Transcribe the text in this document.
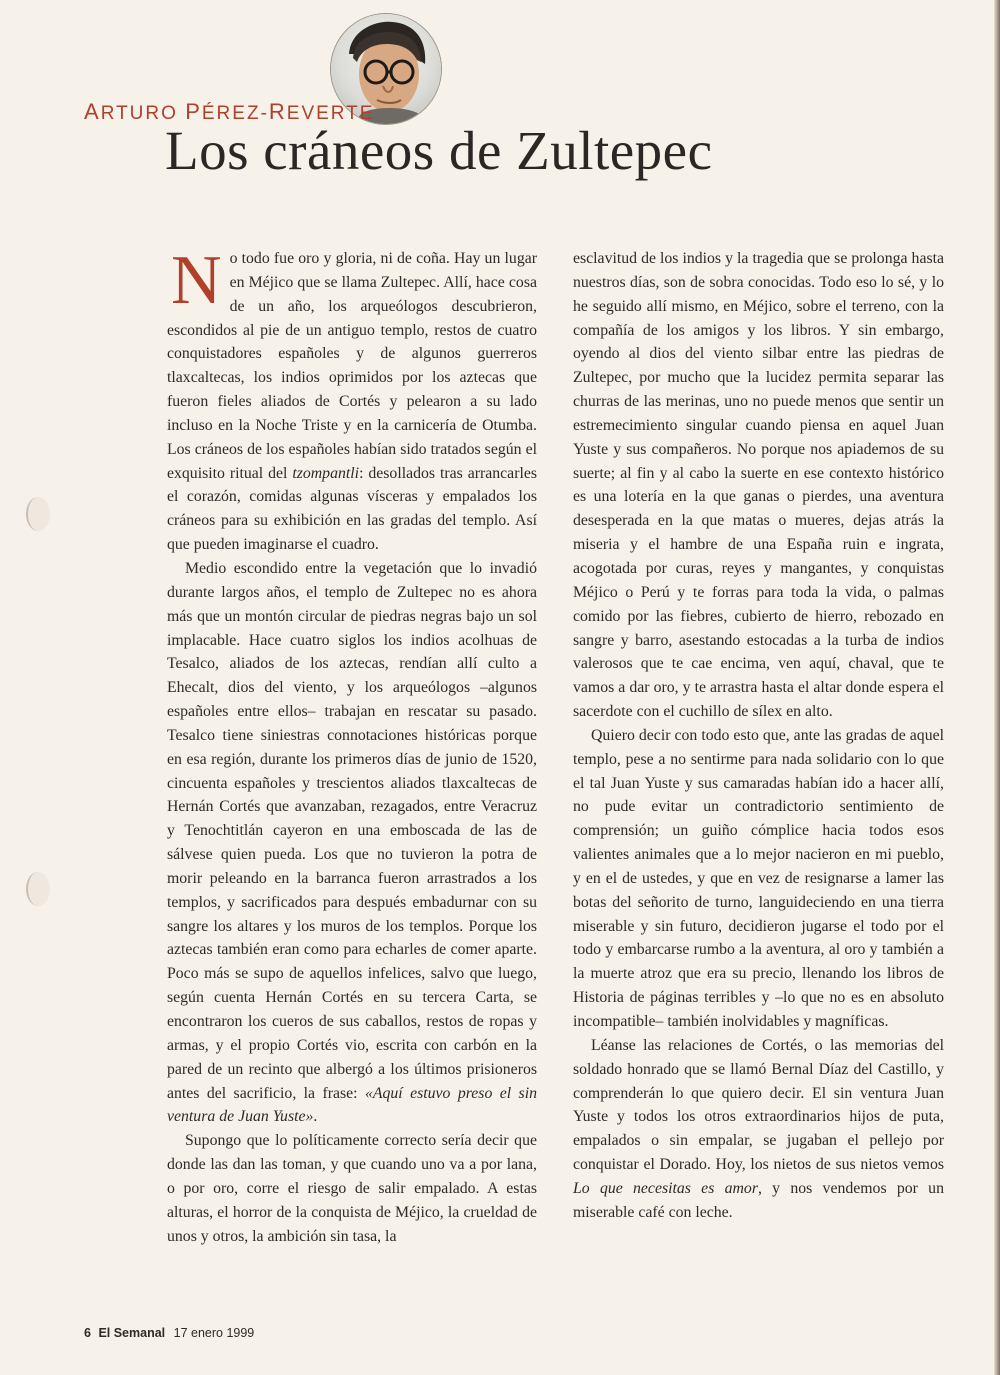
ARTURO PÉREZ-REVERTE
Los cráneos de Zultepec

No todo fue oro y gloria, ni de coña. Hay un lugar en Méjico que se llama Zultepec. Allí, hace cosa de un año, los arqueólogos descubrieron, escondidos al pie de un antiguo templo, restos de cuatro conquistadores españoles y de algunos guerreros tlaxcaltecas, los indios oprimidos por los aztecas que fueron fieles aliados de Cortés y pelearon a su lado incluso en la Noche Triste y en la carnicería de Otumba. Los cráneos de los españoles habían sido tratados según el exquisito ritual del tzompantli: desollados tras arrancarles el corazón, comidas algunas vísceras y empalados los cráneos para su exhibición en las gradas del templo. Así que pueden imaginarse el cuadro.

Medio escondido entre la vegetación que lo invadió durante largos años, el templo de Zultepec no es ahora más que un montón circular de piedras negras bajo un sol implacable. Hace cuatro siglos los indios acolhuas de Tesalco, aliados de los aztecas, rendían allí culto a Ehecalt, dios del viento, y los arqueólogos –algunos españoles entre ellos– trabajan en rescatar su pasado. Tesalco tiene siniestras connotaciones históricas porque en esa región, durante los primeros días de junio de 1520, cincuenta españoles y trescientos aliados tlaxcaltecas de Hernán Cortés que avanzaban, rezagados, entre Veracruz y Tenochtitlán cayeron en una emboscada de las de sálvese quien pueda. Los que no tuvieron la potra de morir peleando en la barranca fueron arrastrados a los templos, y sacrificados para después embadurnar con su sangre los altares y los muros de los templos. Porque los aztecas también eran como para echarles de comer aparte. Poco más se supo de aquellos infelices, salvo que luego, según cuenta Hernán Cortés en su tercera Carta, se encontraron los cueros de sus caballos, restos de ropas y armas, y el propio Cortés vio, escrita con carbón en la pared de un recinto que albergó a los últimos prisioneros antes del sacrificio, la frase: «Aquí estuvo preso el sin ventura de Juan Yuste».

Supongo que lo políticamente correcto sería decir que donde las dan las toman, y que cuando uno va a por lana, o por oro, corre el riesgo de salir empalado. A estas alturas, el horror de la conquista de Méjico, la crueldad de unos y otros, la ambición sin tasa, la

esclavitud de los indios y la tragedia que se prolonga hasta nuestros días, son de sobra conocidas. Todo eso lo sé, y lo he seguido allí mismo, en Méjico, sobre el terreno, con la compañía de los amigos y los libros. Y sin embargo, oyendo al dios del viento silbar entre las piedras de Zultepec, por mucho que la lucidez permita separar las churras de las merinas, uno no puede menos que sentir un estremecimiento singular cuando piensa en aquel Juan Yuste y sus compañeros. No porque nos apiademos de su suerte; al fin y al cabo la suerte en ese contexto histórico es una lotería en la que ganas o pierdes, una aventura desesperada en la que matas o mueres, dejas atrás la miseria y el hambre de una España ruin e ingrata, acogotada por curas, reyes y mangantes, y conquistas Méjico o Perú y te forras para toda la vida, o palmas comido por las fiebres, cubierto de hierro, rebozado en sangre y barro, asestando estocadas a la turba de indios valerosos que te cae encima, ven aquí, chaval, que te vamos a dar oro, y te arrastra hasta el altar donde espera el sacerdote con el cuchillo de sílex en alto.

Quiero decir con todo esto que, ante las gradas de aquel templo, pese a no sentirme para nada solidario con lo que el tal Juan Yuste y sus camaradas habían ido a hacer allí, no pude evitar un contradictorio sentimiento de comprensión; un guiño cómplice hacia todos esos valientes animales que a lo mejor nacieron en mi pueblo, y en el de ustedes, y que en vez de resignarse a lamer las botas del señorito de turno, languideciendo en una tierra miserable y sin futuro, decidieron jugarse el todo por el todo y embarcarse rumbo a la aventura, al oro y también a la muerte atroz que era su precio, llenando los libros de Historia de páginas terribles y –lo que no es en absoluto incompatible– también inolvidables y magníficas.

Léanse las relaciones de Cortés, o las memorias del soldado honrado que se llamó Bernal Díaz del Castillo, y comprenderán lo que quiero decir. El sin ventura Juan Yuste y todos los otros extraordinarios hijos de puta, empalados o sin empalar, se jugaban el pellejo por conquistar el Dorado. Hoy, los nietos de sus nietos vemos Lo que necesitas es amor, y nos vendemos por un miserable café con leche.

6 El Semanal 17 enero 1999
